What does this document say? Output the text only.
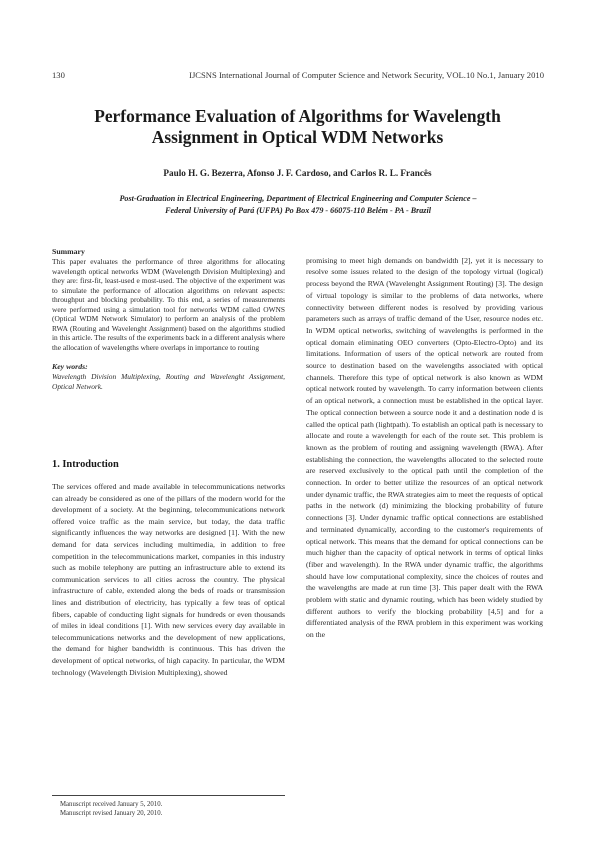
130	IJCSNS International Journal of Computer Science and Network Security, VOL.10 No.1, January 2010
Performance Evaluation of Algorithms for Wavelength
Assignment in Optical WDM Networks
Paulo H. G. Bezerra, Afonso J. F. Cardoso, and Carlos R. L. Francês
Post-Graduation in Electrical Engineering, Department of Electrical Engineering and Computer Science –
Federal University of Pará (UFPA) Po Box 479 - 66075-110 Belém - PA - Brazil
Summary

This paper evaluates the performance of three algorithms for allocating wavelength optical networks WDM (Wavelength Division Multiplexing) and they are: first-fit, least-used e most-used. The objective of the experiment was to simulate the performance of allocation algorithms on relevant aspects: throughput and blocking probability. To this end, a series of measurements were performed using a simulation tool for networks WDM called OWNS (Optical WDM Network Simulator) to perform an analysis of the problem RWA (Routing and Wavelenght Assignment) based on the algorithms studied in this article. The results of the experiments back in a different analysis where the allocation of wavelengths where overlaps in importance to routing

Key words:

Wavelength Division Multiplexing, Routing and Wavelenght Assignment, Optical Network.

1. Introduction

The services offered and made available in telecommunications networks can already be considered as one of the pillars of the modern world for the development of a society. At the beginning, telecommunications network offered voice traffic as the main service, but today, the data traffic significantly influences the way networks are designed [1]. With the new demand for data services including multimedia, in addition to free competition in the telecommunications market, companies in this industry such as mobile telephony are putting an infrastructure able to extend its communication services to all cities across the country. The physical infrastructure of cable, extended along the beds of roads or transmission lines and distribution of electricity, has typically a few teas of optical fibers, capable of conducting light signals for hundreds or even thousands of miles in ideal conditions [1]. With new services every day available in telecommunications networks and the development of new applications, the demand for higher bandwidth is continuous. This has driven the development of optical networks, of high capacity. In particular, the WDM technology (Wavelength Division Multiplexing), showed

promising to meet high demands on bandwidth [2], yet it is necessary to resolve some issues related to the design of the topology virtual (logical) process beyond the RWA (Wavelenght Assignment Routing) [3]. The design of virtual topology is similar to the problems of data networks, where connectivity between different nodes is resolved by providing various parameters such as arrays of traffic demand of the User, resource nodes etc. In WDM optical networks, switching of wavelengths is performed in the optical domain eliminating OEO converters (Opto-Electro-Opto) and its limitations. Information of users of the optical network are routed from source to destination based on the wavelengths associated with optical channels. Therefore this type of optical network is also known as WDM optical network routed by wavelength. To carry information between clients of an optical network, a connection must be established in the optical layer. The optical connection between a source node it and a destination node d is called the optical path (lightpath). To establish an optical path is necessary to allocate and route a wavelength for each of the route set. This problem is known as the problem of routing and assigning wavelength (RWA). After establishing the connection, the wavelengths allocated to the selected route are reserved exclusively to the optical path until the completion of the connection. In order to better utilize the resources of an optical network under dynamic traffic, the RWA strategies aim to meet the requests of optical paths in the network (d) minimizing the blocking probability of future connections [3]. Under dynamic traffic optical connections are established and terminated dynamically, according to the customer's requirements of optical network. This means that the demand for optical connections can be much higher than the capacity of optical network in terms of optical links (fiber and wavelength). In the RWA under dynamic traffic, the algorithms should have low computational complexity, since the choices of routes and the wavelengths are made at run time [3]. This paper dealt with the RWA problem with static and dynamic routing, which has been widely studied by different authors to verify the blocking probability [4,5] and for a differentiated analysis of the RWA problem in this experiment was working on the

Manuscript received January 5, 2010.
Manuscript revised January 20, 2010.
